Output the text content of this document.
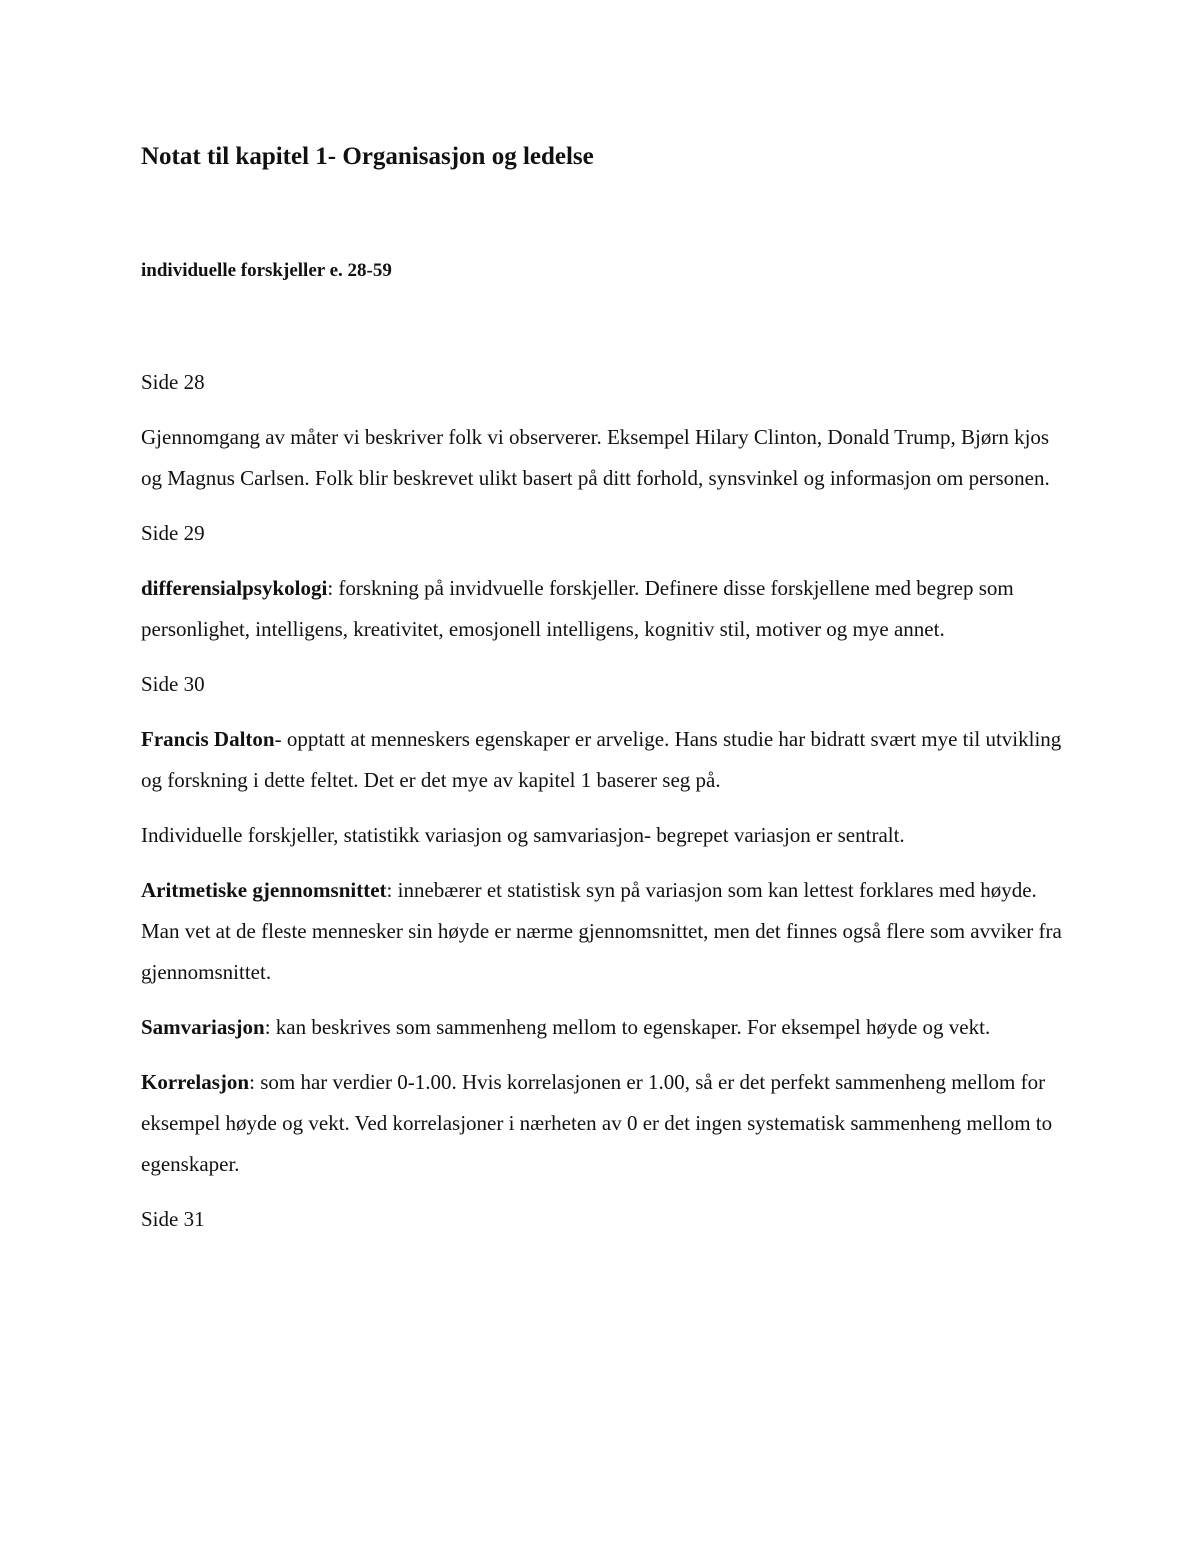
Notat til kapitel 1- Organisasjon og ledelse
individuelle forskjeller e. 28-59

Side 28

Gjennomgang av måter vi beskriver folk vi observerer. Eksempel Hilary Clinton, Donald Trump, Bjørn kjos og Magnus Carlsen. Folk blir beskrevet ulikt basert på ditt forhold, synsvinkel og informasjon om personen.

Side 29

differensialpsykologi: forskning på invidvuelle forskjeller. Definere disse forskjellene med begrep som personlighet, intelligens, kreativitet, emosjonell intelligens, kognitiv stil, motiver og mye annet.

Side 30

Francis Dalton- opptatt at menneskers egenskaper er arvelige. Hans studie har bidratt svært mye til utvikling og forskning i dette feltet. Det er det mye av kapitel 1 baserer seg på.

Individuelle forskjeller, statistikk variasjon og samvariasjon- begrepet variasjon er sentralt.

Aritmetiske gjennomsnittet: innebærer et statistisk syn på variasjon som kan lettest forklares med høyde. Man vet at de fleste mennesker sin høyde er nærme gjennomsnittet, men det finnes også flere som avviker fra gjennomsnittet.

Samvariasjon: kan beskrives som sammenheng mellom to egenskaper. For eksempel høyde og vekt.

Korrelasjon: som har verdier 0-1.00. Hvis korrelasjonen er 1.00, så er det perfekt sammenheng mellom for eksempel høyde og vekt. Ved korrelasjoner i nærheten av 0 er det ingen systematisk sammenheng mellom to egenskaper.

Side 31
